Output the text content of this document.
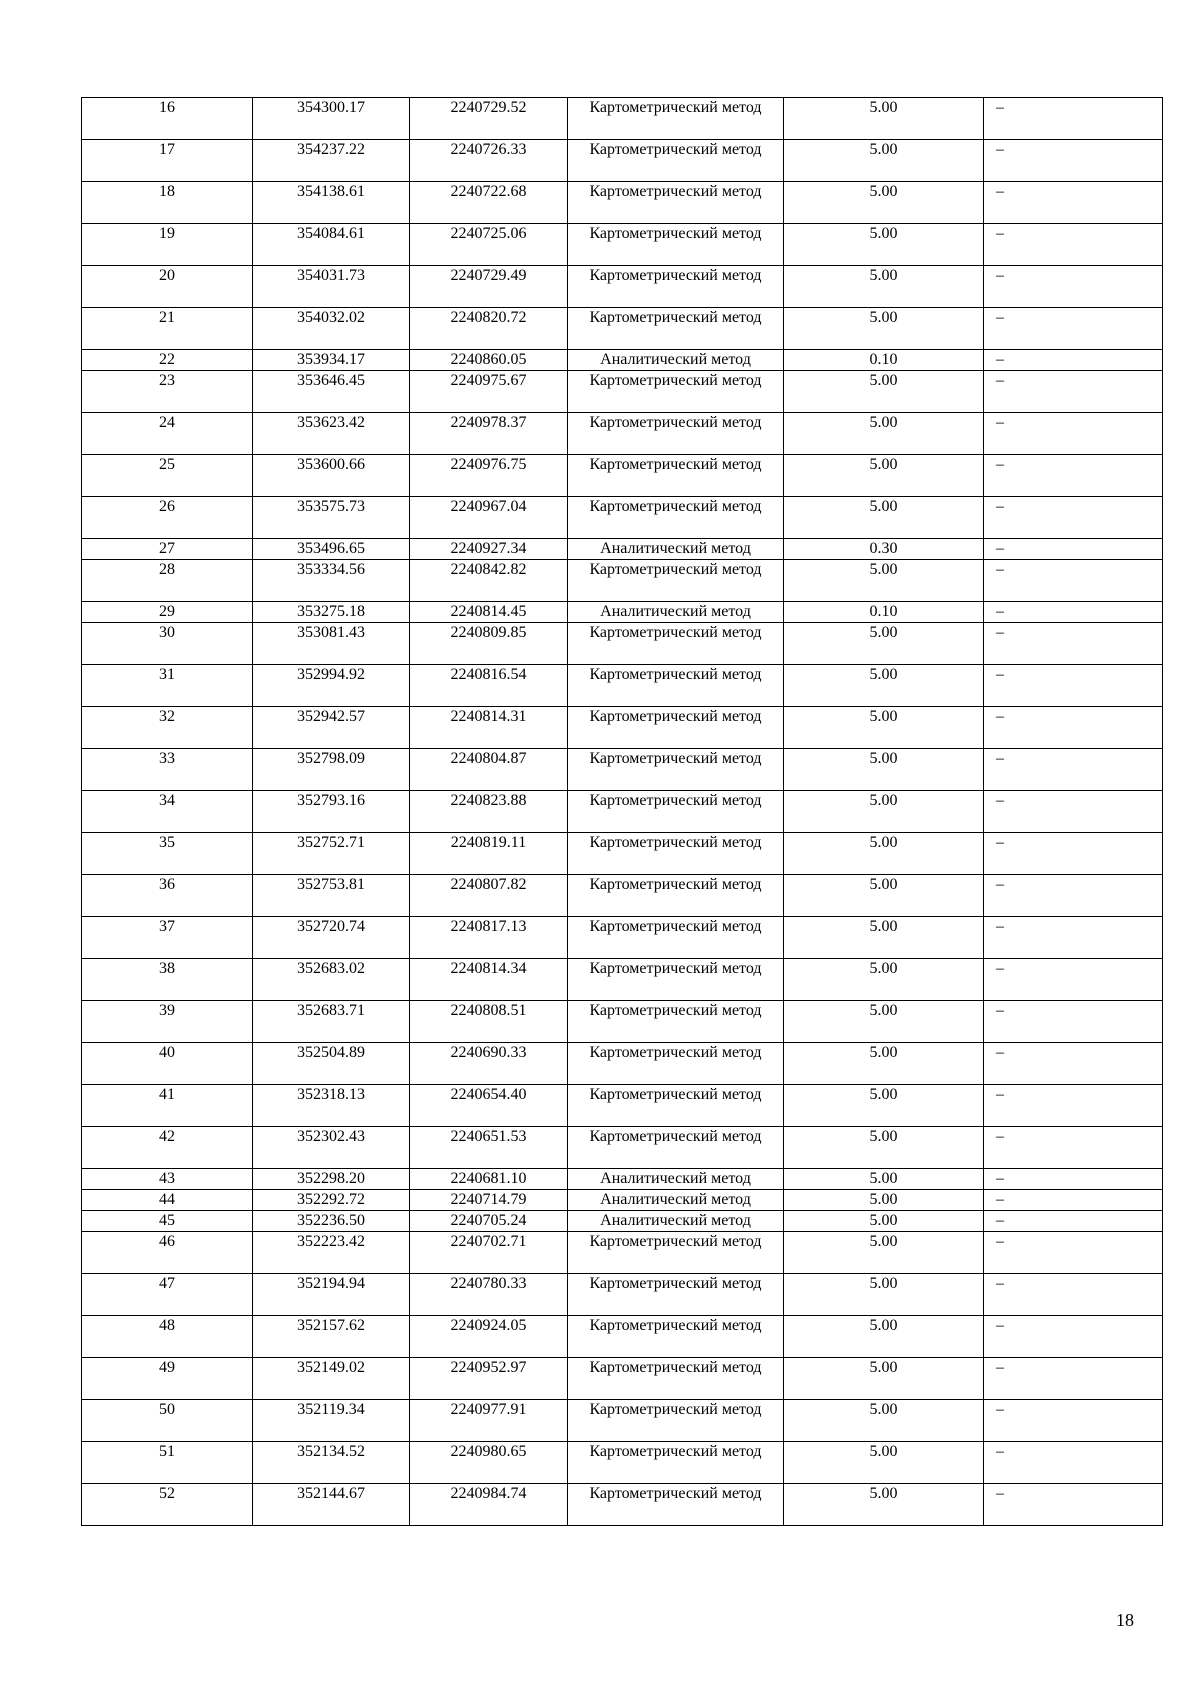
16	354300.17	2240729.52	Картометрический метод	5.00	–
17	354237.22	2240726.33	Картометрический метод	5.00	–
18	354138.61	2240722.68	Картометрический метод	5.00	–
19	354084.61	2240725.06	Картометрический метод	5.00	–
20	354031.73	2240729.49	Картометрический метод	5.00	–
21	354032.02	2240820.72	Картометрический метод	5.00	–
22	353934.17	2240860.05	Аналитический метод	0.10	–
23	353646.45	2240975.67	Картометрический метод	5.00	–
24	353623.42	2240978.37	Картометрический метод	5.00	–
25	353600.66	2240976.75	Картометрический метод	5.00	–
26	353575.73	2240967.04	Картометрический метод	5.00	–
27	353496.65	2240927.34	Аналитический метод	0.30	–
28	353334.56	2240842.82	Картометрический метод	5.00	–
29	353275.18	2240814.45	Аналитический метод	0.10	–
30	353081.43	2240809.85	Картометрический метод	5.00	–
31	352994.92	2240816.54	Картометрический метод	5.00	–
32	352942.57	2240814.31	Картометрический метод	5.00	–
33	352798.09	2240804.87	Картометрический метод	5.00	–
34	352793.16	2240823.88	Картометрический метод	5.00	–
35	352752.71	2240819.11	Картометрический метод	5.00	–
36	352753.81	2240807.82	Картометрический метод	5.00	–
37	352720.74	2240817.13	Картометрический метод	5.00	–
38	352683.02	2240814.34	Картометрический метод	5.00	–
39	352683.71	2240808.51	Картометрический метод	5.00	–
40	352504.89	2240690.33	Картометрический метод	5.00	–
41	352318.13	2240654.40	Картометрический метод	5.00	–
42	352302.43	2240651.53	Картометрический метод	5.00	–
43	352298.20	2240681.10	Аналитический метод	5.00	–
44	352292.72	2240714.79	Аналитический метод	5.00	–
45	352236.50	2240705.24	Аналитический метод	5.00	–
46	352223.42	2240702.71	Картометрический метод	5.00	–
47	352194.94	2240780.33	Картометрический метод	5.00	–
48	352157.62	2240924.05	Картометрический метод	5.00	–
49	352149.02	2240952.97	Картометрический метод	5.00	–
50	352119.34	2240977.91	Картометрический метод	5.00	–
51	352134.52	2240980.65	Картометрический метод	5.00	–
52	352144.67	2240984.74	Картометрический метод	5.00	–
18
